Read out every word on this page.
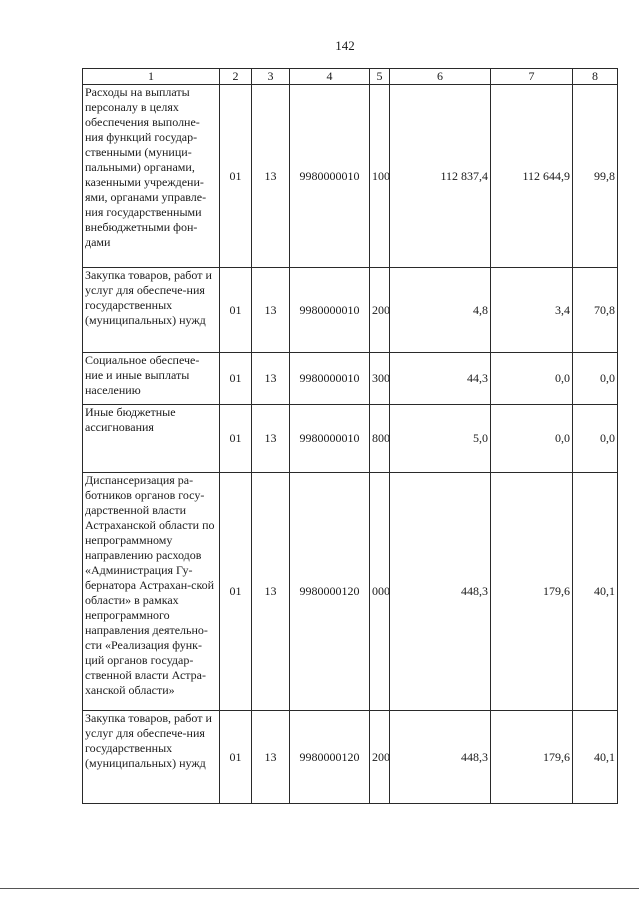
142
1	2	3	4	5	6	7	8
Расходы на выплаты персоналу в целях обеспечения выполне-ния функций государ-ственными (муници-пальными) органами, казенными учреждени-ями, органами управле-ния государственными внебюджетными фон-дами	01	13	9980000010	100	112 837,4	112 644,9	99,8
Закупка товаров, работ и услуг для обеспече-ния государственных (муниципальных) нужд	01	13	9980000010	200	4,8	3,4	70,8
Социальное обеспече-ние и иные выплаты населению	01	13	9980000010	300	44,3	0,0	0,0
Иные бюджетные ассигнования	01	13	9980000010	800	5,0	0,0	0,0
Диспансеризация ра-ботников органов госу-дарственной власти Астраханской области по непрограммному направлению расходов «Администрация Гу-бернатора Астрахан-ской области» в рамках непрограммного направления деятельно-сти «Реализация функ-ций органов государ-ственной власти Астра-ханской области»	01	13	9980000120	000	448,3	179,6	40,1
Закупка товаров, работ и услуг для обеспече-ния государственных (муниципальных) нужд	01	13	9980000120	200	448,3	179,6	40,1
